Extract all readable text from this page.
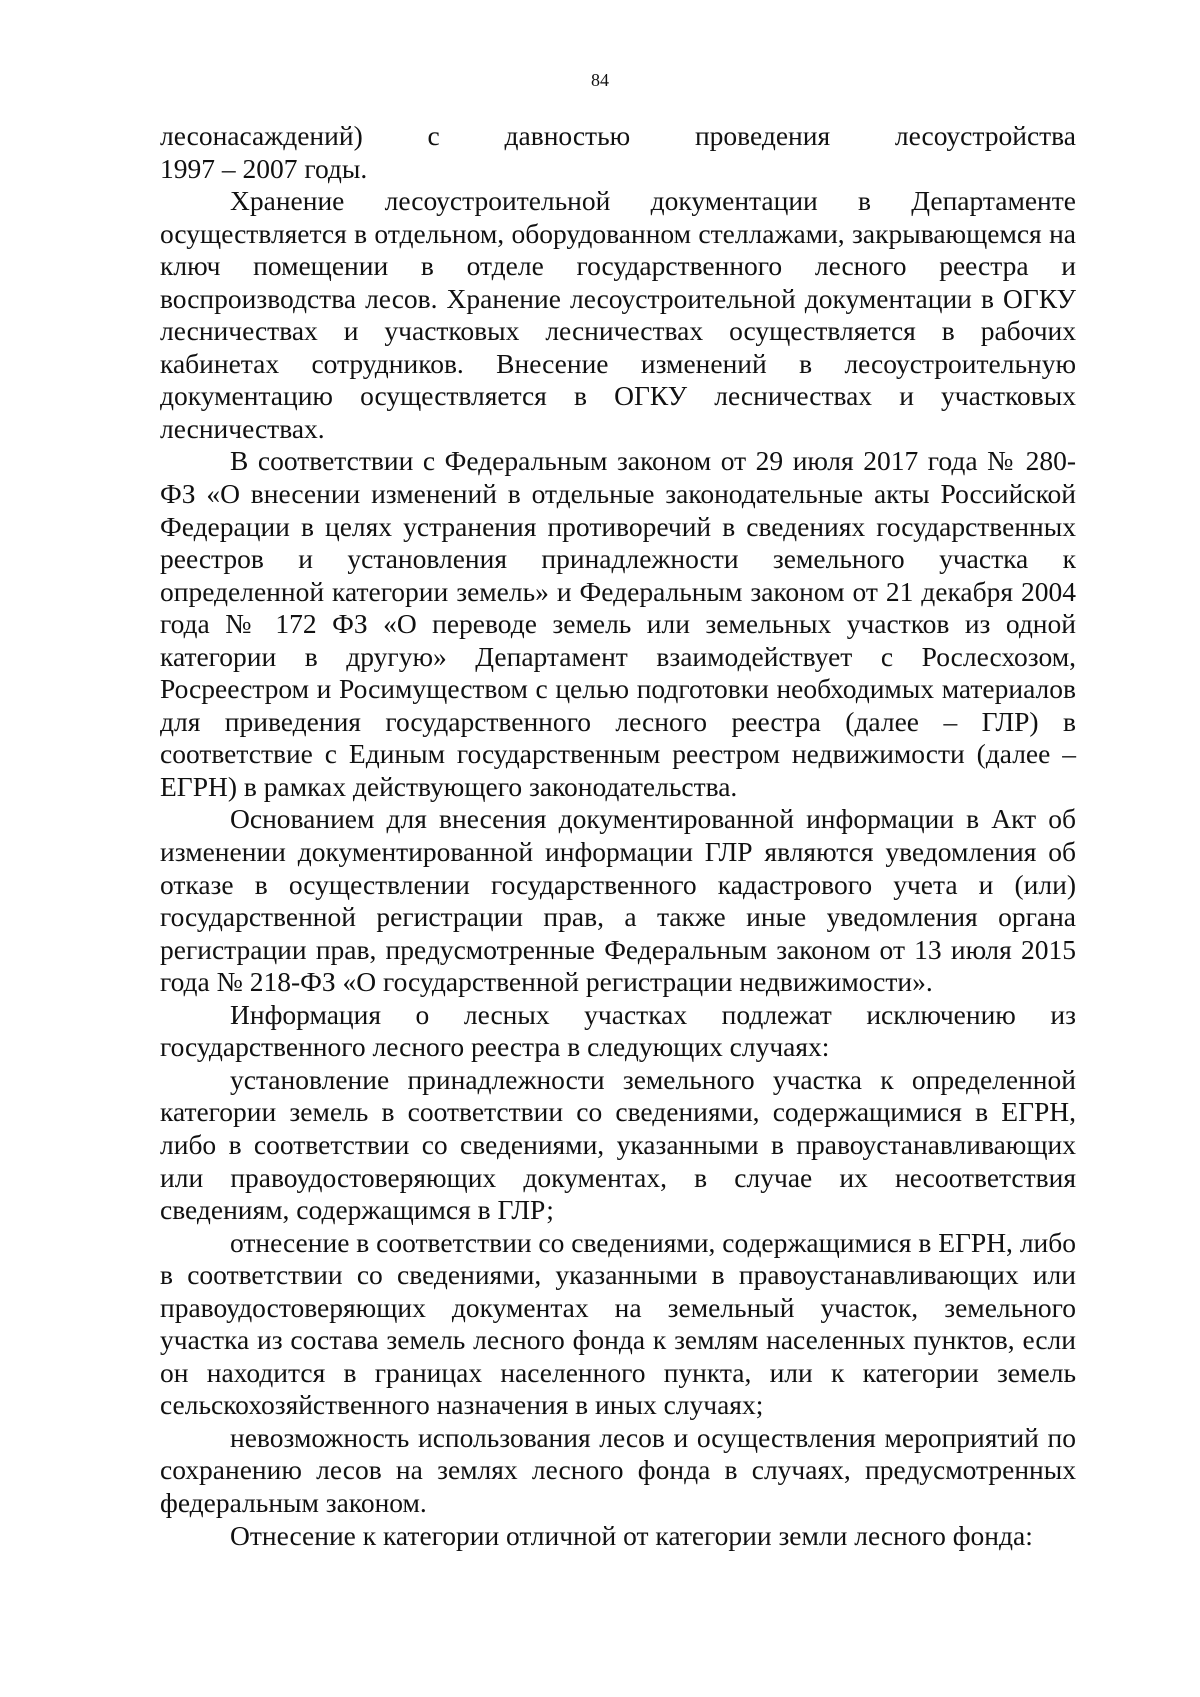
84
лесонасаждений) с давностью проведения лесоустройства
1997 – 2007 годы.

Хранение лесоустроительной документации в Департаменте осуществляется в отдельном, оборудованном стеллажами, закрывающемся на ключ помещении в отделе государственного лесного реестра и воспроизводства лесов. Хранение лесоустроительной документации в ОГКУ лесничествах и участковых лесничествах осуществляется в рабочих кабинетах сотрудников. Внесение изменений в лесоустроительную документацию осуществляется в ОГКУ лесничествах и участковых лесничествах.

В соответствии с Федеральным законом от 29 июля 2017 года № 280-ФЗ «О внесении изменений в отдельные законодательные акты Российской Федерации в целях устранения противоречий в сведениях государственных реестров и установления принадлежности земельного участка к определенной категории земель» и Федеральным законом от 21 декабря 2004 года № 172 ФЗ «О переводе земель или земельных участков из одной категории в другую» Департамент взаимодействует с Рослесхозом, Росреестром и Росимуществом с целью подготовки необходимых материалов для приведения государственного лесного реестра (далее – ГЛР) в соответствие с Единым государственным реестром недвижимости (далее – ЕГРН) в рамках действующего законодательства.

Основанием для внесения документированной информации в Акт об изменении документированной информации ГЛР являются уведомления об отказе в осуществлении государственного кадастрового учета и (или) государственной регистрации прав, а также иные уведомления органа регистрации прав, предусмотренные Федеральным законом от 13 июля 2015 года № 218-ФЗ «О государственной регистрации недвижимости».

Информация о лесных участках подлежат исключению из государственного лесного реестра в следующих случаях:

установление принадлежности земельного участка к определенной категории земель в соответствии со сведениями, содержащимися в ЕГРН, либо в соответствии со сведениями, указанными в правоустанавливающих или правоудостоверяющих документах, в случае их несоответствия сведениям, содержащимся в ГЛР;

отнесение в соответствии со сведениями, содержащимися в ЕГРН, либо в соответствии со сведениями, указанными в правоустанавливающих или правоудостоверяющих документах на земельный участок, земельного участка из состава земель лесного фонда к землям населенных пунктов, если он находится в границах населенного пункта, или к категории земель сельскохозяйственного назначения в иных случаях;

невозможность использования лесов и осуществления мероприятий по сохранению лесов на землях лесного фонда в случаях, предусмотренных федеральным законом.

Отнесение к категории отличной от категории земли лесного фонда:
